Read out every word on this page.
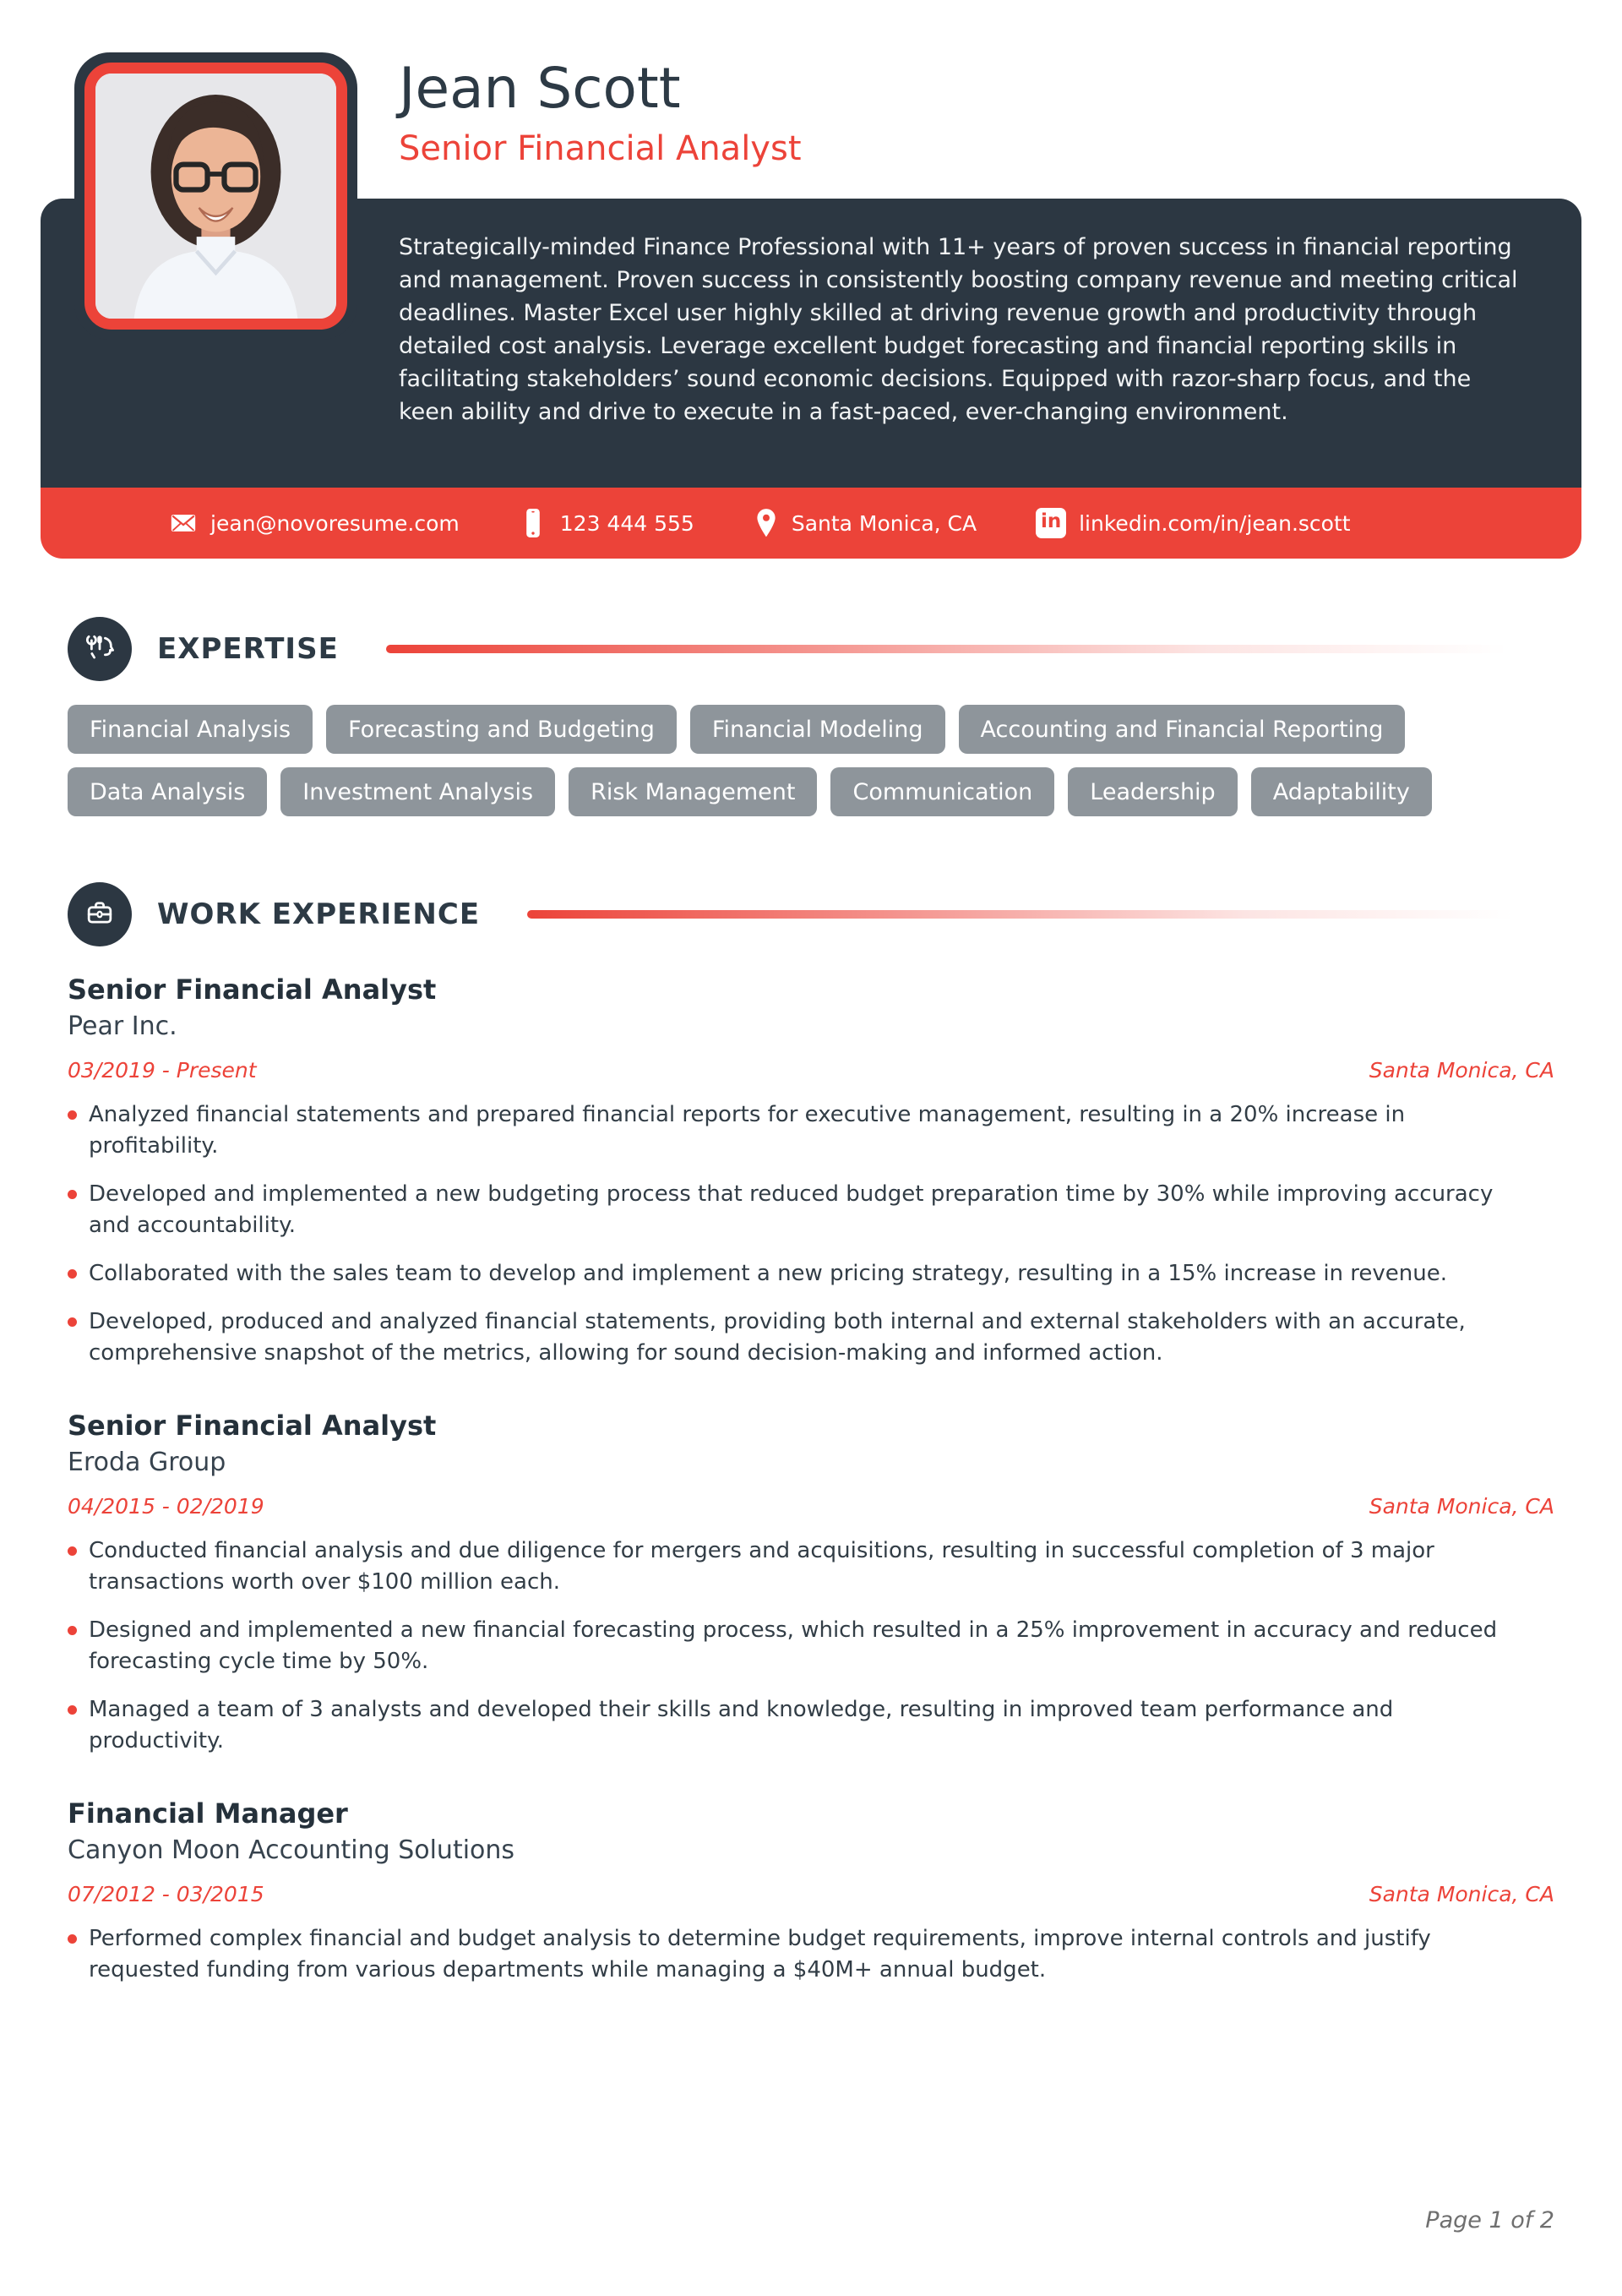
Jean Scott
Senior Financial Analyst
Strategically-minded Finance Professional with 11+ years of proven success in financial reporting and management. Proven success in consistently boosting company revenue and meeting critical deadlines. Master Excel user highly skilled at driving revenue growth and productivity through detailed cost analysis. Leverage excellent budget forecasting and financial reporting skills in facilitating stakeholders’ sound economic decisions. Equipped with razor-sharp focus, and the keen ability and drive to execute in a fast-paced, ever-changing environment.
jean@novoresume.com	123 444 555	Santa Monica, CA	in linkedin.com/in/jean.scott
EXPERTISE
Financial Analysis	Forecasting and Budgeting	Financial Modeling	Accounting and Financial Reporting
Data Analysis	Investment Analysis	Risk Management	Communication	Leadership	Adaptability
WORK EXPERIENCE
Senior Financial Analyst
Pear Inc.
03/2019 - Present	Santa Monica, CA
Analyzed financial statements and prepared financial reports for executive management, resulting in a 20% increase in profitability.
Developed and implemented a new budgeting process that reduced budget preparation time by 30% while improving accuracy and accountability.
Collaborated with the sales team to develop and implement a new pricing strategy, resulting in a 15% increase in revenue.
Developed, produced and analyzed financial statements, providing both internal and external stakeholders with an accurate, comprehensive snapshot of the metrics, allowing for sound decision-making and informed action.
Senior Financial Analyst
Eroda Group
04/2015 - 02/2019	Santa Monica, CA
Conducted financial analysis and due diligence for mergers and acquisitions, resulting in successful completion of 3 major transactions worth over $100 million each.
Designed and implemented a new financial forecasting process, which resulted in a 25% improvement in accuracy and reduced forecasting cycle time by 50%.
Managed a team of 3 analysts and developed their skills and knowledge, resulting in improved team performance and productivity.
Financial Manager
Canyon Moon Accounting Solutions
07/2012 - 03/2015	Santa Monica, CA
Performed complex financial and budget analysis to determine budget requirements, improve internal controls and justify requested funding from various departments while managing a $40M+ annual budget.
Page 1 of 2
